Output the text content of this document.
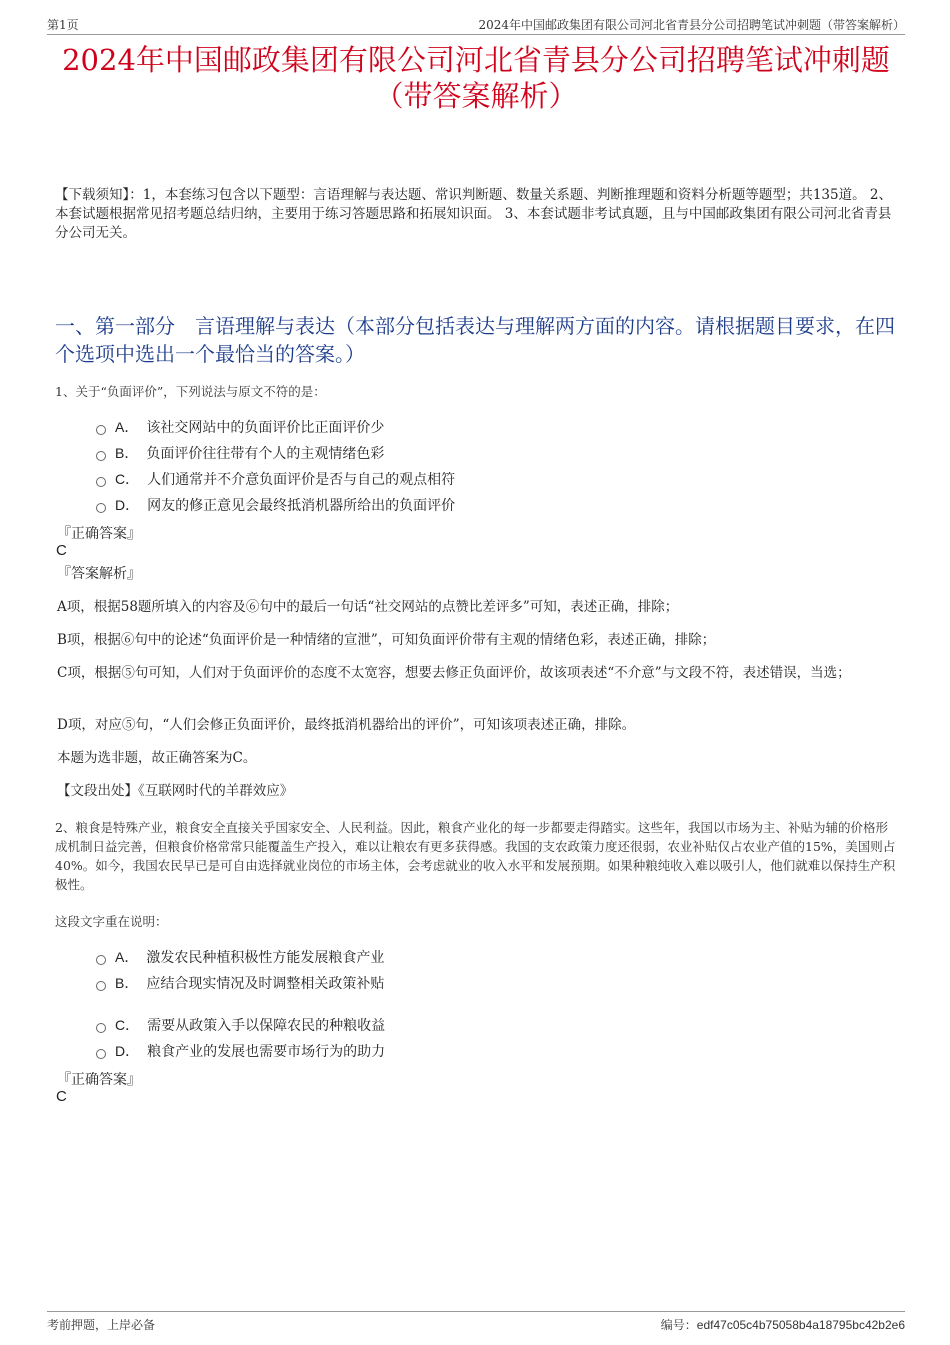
第1页	2024年中国邮政集团有限公司河北省青县分公司招聘笔试冲刺题（带答案解析）
2024年中国邮政集团有限公司河北省青县分公司招聘笔试冲刺题（带答案解析）

【下载须知】：1，本套练习包含以下题型：言语理解与表达题、常识判断题、数量关系题、判断推理题和资料分析题等题型；共135道。 2、本套试题根据常见招考题总结归纳，主要用于练习答题思路和拓展知识面。 3、本套试题非考试真题，且与中国邮政集团有限公司河北省青县分公司无关。

一、第一部分　言语理解与表达（本部分包括表达与理解两方面的内容。请根据题目要求，在四个选项中选出一个最恰当的答案。）

1、关于“负面评价”，下列说法与原文不符的是：

A． 该社交网站中的负面评价比正面评价少
B． 负面评价往往带有个人的主观情绪色彩
C． 人们通常并不介意负面评价是否与自己的观点相符
D． 网友的修正意见会最终抵消机器所给出的负面评价

『正确答案』

C

『答案解析』

A项，根据58题所填入的内容及⑥句中的最后一句话“社交网站的点赞比差评多”可知，表述正确，排除；

B项，根据⑥句中的论述“负面评价是一种情绪的宣泄”，可知负面评价带有主观的情绪色彩，表述正确，排除；

C项，根据⑤句可知，人们对于负面评价的态度不太宽容，想要去修正负面评价，故该项表述“不介意”与文段不符，表述错误，当选；

D项，对应⑤句，“人们会修正负面评价，最终抵消机器给出的评价”，可知该项表述正确，排除。

本题为选非题，故正确答案为C。

【文段出处】《互联网时代的羊群效应》

2、粮食是特殊产业，粮食安全直接关乎国家安全、人民利益。因此，粮食产业化的每一步都要走得踏实。这些年，我国以市场为主、补贴为辅的价格形成机制日益完善，但粮食价格常常只能覆盖生产投入，难以让粮农有更多获得感。我国的支农政策力度还很弱，农业补贴仅占农业产值的15%，美国则占40%。如今，我国农民早已是可自由选择就业岗位的市场主体，会考虑就业的收入水平和发展预期。如果种粮纯收入难以吸引人，他们就难以保持生产积极性。

这段文字重在说明：

A． 激发农民种植积极性方能发展粮食产业
B． 应结合现实情况及时调整相关政策补贴
C． 需要从政策入手以保障农民的种粮收益
D． 粮食产业的发展也需要市场行为的助力

『正确答案』

C

考前押题，上岸必备	编号：edf47c05c4b75058b4a18795bc42b2e6
